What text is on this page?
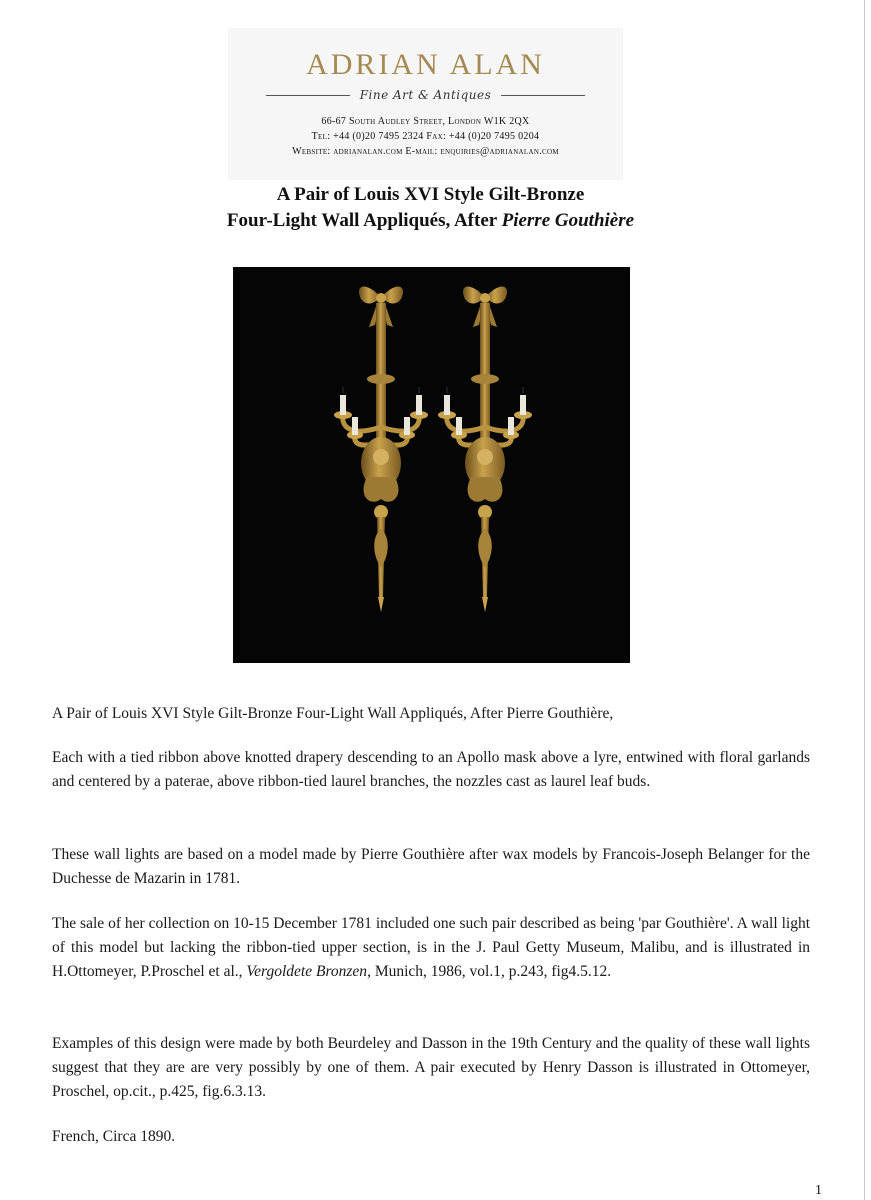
ADRIAN ALAN
Fine Art & Antiques
66-67 South Audley Street, London W1K 2QX
Tel: +44 (0)20 7495 2324 Fax: +44 (0)20 7495 0204
Website: adrianalan.com E-mail: enquiries@adrianalan.com
A Pair of Louis XVI Style Gilt-Bronze
Four-Light Wall Appliqués, After Pierre Gouthière

A Pair of Louis XVI Style Gilt-Bronze Four-Light Wall Appliqués, After Pierre Gouthière,

Each with a tied ribbon above knotted drapery descending to an Apollo mask above a lyre, entwined with floral garlands and centered by a paterae, above ribbon-tied laurel branches, the nozzles cast as laurel leaf buds.

These wall lights are based on a model made by Pierre Gouthière after wax models by Francois-Joseph Belanger for the Duchesse de Mazarin in 1781.

The sale of her collection on 10-15 December 1781 included one such pair described as being 'par Gouthière'. A wall light of this model but lacking the ribbon-tied upper section, is in the J. Paul Getty Museum, Malibu, and is illustrated in H.Ottomeyer, P.Proschel et al., Vergoldete Bronzen, Munich, 1986, vol.1, p.243, fig4.5.12.

Examples of this design were made by both Beurdeley and Dasson in the 19th Century and the quality of these wall lights suggest that they are are very possibly by one of them. A pair executed by Henry Dasson is illustrated in Ottomeyer, Proschel, op.cit., p.425, fig.6.3.13.

French, Circa 1890.

1
